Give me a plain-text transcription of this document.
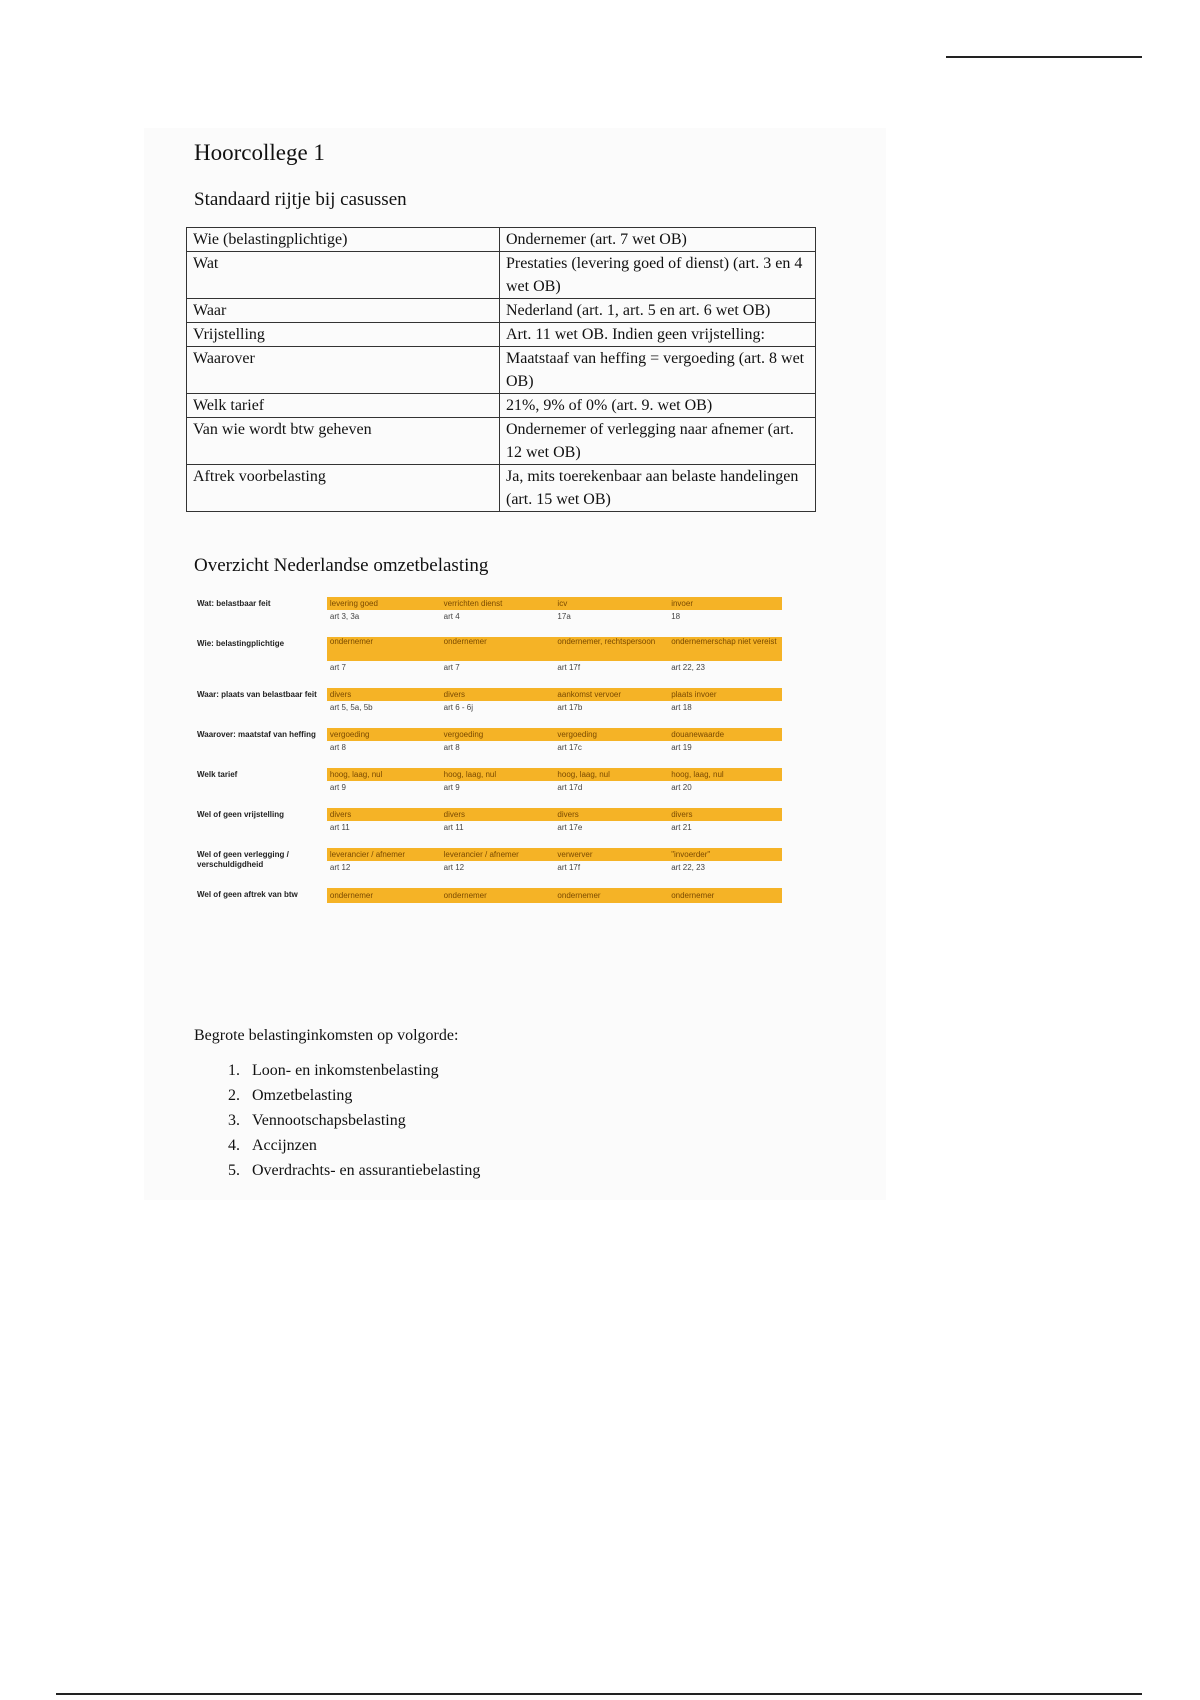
Hoorcollege 1
Standaard rijtje bij casussen
Wie (belastingplichtige)	Ondernemer (art. 7 wet OB)
Wat	Prestaties (levering goed of dienst) (art. 3 en 4 wet OB)
Waar	Nederland (art. 1, art. 5 en art. 6 wet OB)
Vrijstelling	Art. 11 wet OB. Indien geen vrijstelling:
Waarover	Maatstaaf van heffing = vergoeding (art. 8 wet OB)
Welk tarief	21%, 9% of 0% (art. 9. wet OB)
Van wie wordt btw geheven	Ondernemer of verlegging naar afnemer (art. 12 wet OB)
Aftrek voorbelasting	Ja, mits toerekenbaar aan belaste handelingen (art. 15 wet OB)
Overzicht Nederlandse omzetbelasting
Wat: belastbaar feit	levering goed	verrichten dienst	icv	invoer
	art 3, 3a	art 4	17a	18

Wie: belastingplichtige	ondernemer	ondernemer	ondernemer, rechtspersoon	ondernemerschap niet vereist
	art 7	art 7	art 17f	art 22, 23

Waar: plaats van belastbaar feit	divers	divers	aankomst vervoer	plaats invoer
	art 5, 5a, 5b	art 6 - 6j	art 17b	art 18

Waarover: maatstaf van heffing	vergoeding	vergoeding	vergoeding	douanewaarde
	art 8	art 8	art 17c	art 19

Welk tarief	hoog, laag, nul	hoog, laag, nul	hoog, laag, nul	hoog, laag, nul
	art 9	art 9	art 17d	art 20

Wel of geen vrijstelling	divers	divers	divers	divers
	art 11	art 11	art 17e	art 21

Wel of geen verlegging / verschuldigdheid	leverancier / afnemer	leverancier / afnemer	verwerver	"invoerder"
	art 12	art 12	art 17f	art 22, 23

Wel of geen aftrek van btw	ondernemer	ondernemer	ondernemer	ondernemer
Begrote belastinginkomsten op volgorde:
1. Loon- en inkomstenbelasting
2. Omzetbelasting
3. Vennootschapsbelasting
4. Accijnzen
5. Overdrachts- en assurantiebelasting
